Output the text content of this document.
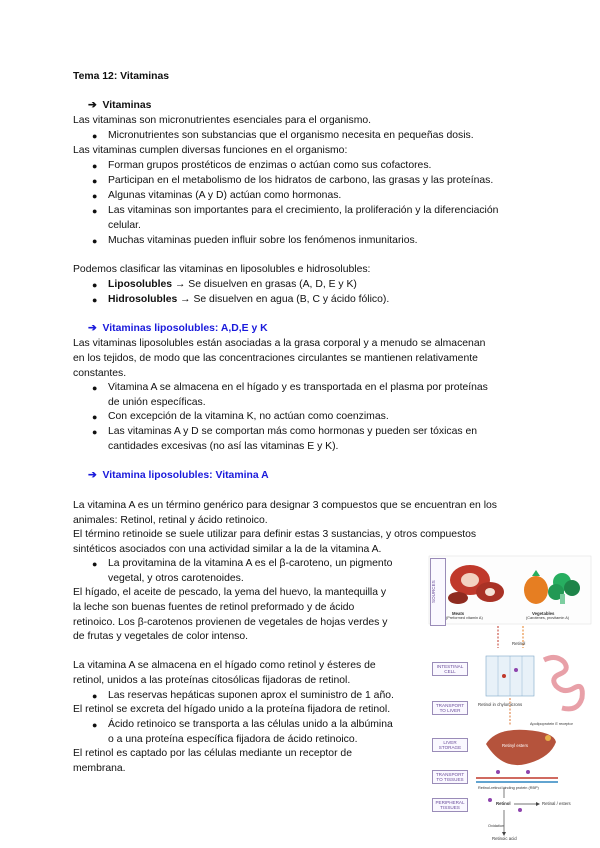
Tema 12: Vitaminas
➔ Vitaminas
Las vitaminas son micronutrientes esenciales para el organismo.
● Micronutrientes son substancias que el organismo necesita en pequeñas dosis.
Las vitaminas cumplen diversas funciones en el organismo:
● Forman grupos prostéticos de enzimas o actúan como sus cofactores.
● Participan en el metabolismo de los hidratos de carbono, las grasas y las proteínas.
● Algunas vitaminas (A y D) actúan como hormonas.
● Las vitaminas son importantes para el crecimiento, la proliferación y la diferenciación
celular.
● Muchas vitaminas pueden influir sobre los fenómenos inmunitarios.
Podemos clasificar las vitaminas en liposolubles e hidrosolubles:
● Liposolubles → Se disuelven en grasas (A, D, E y K)
● Hidrosolubles → Se disuelven en agua (B, C y ácido fólico).
➔ Vitaminas liposolubles: A,D,E y K
Las vitaminas liposolubles están asociadas a la grasa corporal y a menudo se almacenan
en los tejidos, de modo que las concentraciones circulantes se mantienen relativamente
constantes.
● Vitamina A se almacena en el hígado y es transportada en el plasma por proteínas
de unión específicas.
● Con excepción de la vitamina K, no actúan como coenzimas.
● Las vitaminas A y D se comportan más como hormonas y pueden ser tóxicas en
cantidades excesivas (no así las vitaminas E y K).
➔ Vitamina liposolubles: Vitamina A
La vitamina A es un término genérico para designar 3 compuestos que se encuentran en los
animales: Retinol, retinal y ácido retinoico.
El término retinoide se suele utilizar para definir estas 3 sustancias, y otros compuestos
sintéticos asociados con una actividad similar a la de la vitamina A.
● La provitamina de la vitamina A es el β-caroteno, un pigmento
vegetal, y otros carotenoides.
El hígado, el aceite de pescado, la yema del huevo, la mantequilla y
la leche son buenas fuentes de retinol preformado y de ácido
retinoico. Los β-carotenos provienen de vegetales de hojas verdes y
de frutas y vegetales de color intenso.
La vitamina A se almacena en el hígado como retinol y ésteres de
retinol, unidos a las proteínas citosólicas fijadoras de retinol.
● Las reservas hepáticas suponen aprox el suministro de 1 año.
El retinol se excreta del hígado unido a la proteína fijadora de retinol.
● Ácido retinoico se transporta a las células unido a la albúmina
o a una proteína específica fijadora de ácido retinoico.
El retinol es captado por las células mediante un receptor de
membrana.
SOURCES
Meats
(Preformed vitamin A)
Vegetables
(Carotenes, provitamin A)
Retinol
INTESTINAL CELL
TRANSPORT TO LIVER
Retinol in chylomicrons
Apolipoprotein E receptor
LIVER STORAGE	Retinyl esters
TRANSPORT TO TISSUES
Retinol-retinol binding protein (RBP)
PERIPHERAL TISSUES
Retinol	Retinal / esters
Oxidation
Retinoic acid
